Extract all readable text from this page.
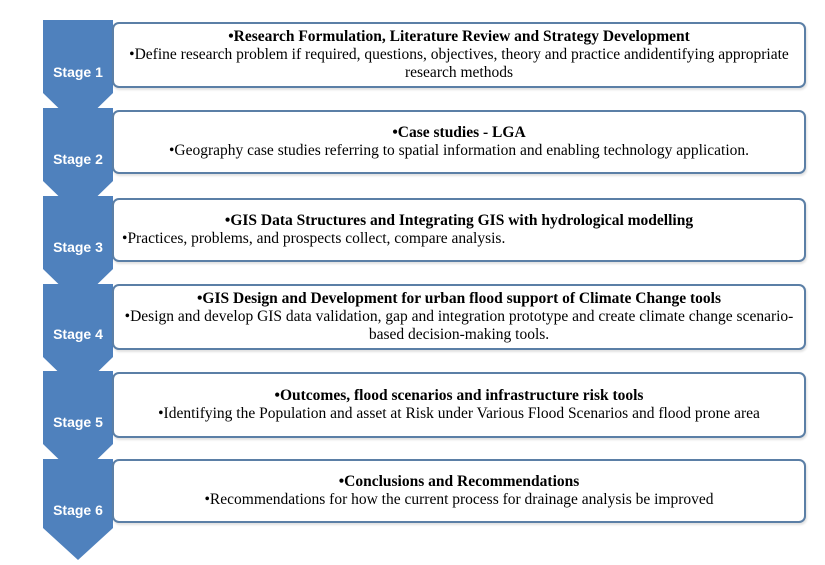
Stage 1
Stage 2
Stage 3
Stage 4
Stage 5
Stage 6
• Research Formulation, Literature Review and Strategy Development
• Define research problem if required, questions, objectives, theory and practice andidentifying appropriate research methods
• Case studies - LGA
• Geography case studies referring to spatial information and enabling technology application.
• GIS Data Structures and Integrating GIS with hydrological modelling
• Practices, problems, and prospects collect, compare analysis.
• GIS Design and Development for urban flood support of Climate Change tools
• Design and develop GIS data validation, gap and integration prototype and create climate change scenario-based decision-making tools.
• Outcomes, flood scenarios and infrastructure risk tools
• Identifying the Population and asset at Risk under Various Flood Scenarios and flood prone area
• Conclusions and Recommendations
• Recommendations for how the current process for drainage analysis be improved
